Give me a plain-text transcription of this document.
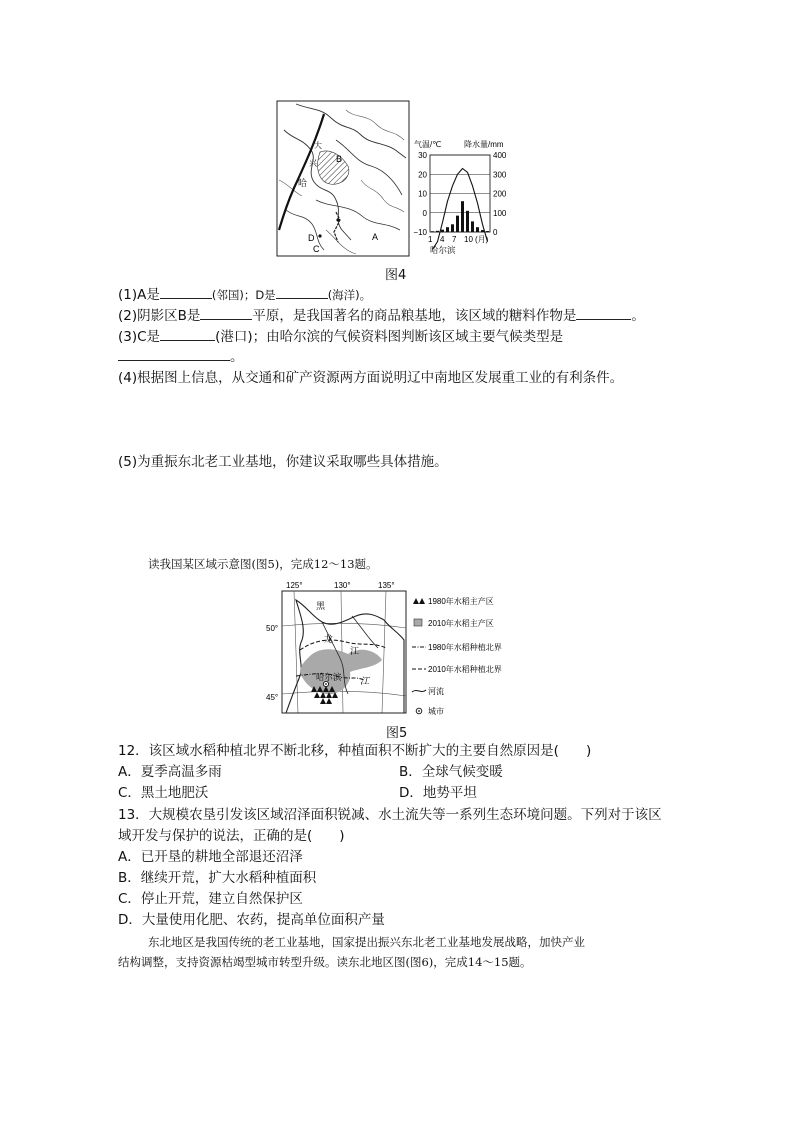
大
兴 B
哈
A
D
C
气温/℃	降水量/mm
30	400
20	300
10	200
0	100
−10	0
1 4 7 10 (月)
哈尔滨
图4
(1)A是	(邻国)；D是	(海洋)。
(2)阴影区B是	平原，是我国著名的商品粮基地，该区域的糖料作物是	。
(3)C是	(港口)；由哈尔滨的气候资料图判断该区域主要气候类型是
。
(4)根据图上信息，从交通和矿产资源两方面说明辽中南地区发展重工业的有利条件。
(5)为重振东北老工业基地，你建议采取哪些具体措施。
读我国某区域示意图(图5)，完成12～13题。
125°	130°	135°
50°
45°
黑
龙
江
哈尔滨 江
1980年水稻主产区
2010年水稻主产区
1980年水稻种植北界
2010年水稻种植北界
河流
城市
图5
12．该区域水稻种植北界不断北移，种植面积不断扩大的主要自然原因是(　　)
A．夏季高温多雨	B．全球气候变暖
C．黑土地肥沃	D．地势平坦
13．大规模农垦引发该区域沼泽面积锐减、水土流失等一系列生态环境问题。下列对于该区
域开发与保护的说法，正确的是(　　)
A．已开垦的耕地全部退还沼泽
B．继续开荒，扩大水稻种植面积
C．停止开荒，建立自然保护区
D．大量使用化肥、农药，提高单位面积产量
东北地区是我国传统的老工业基地，国家提出振兴东北老工业基地发展战略，加快产业
结构调整，支持资源枯竭型城市转型升级。读东北地区图(图6)，完成14～15题。
